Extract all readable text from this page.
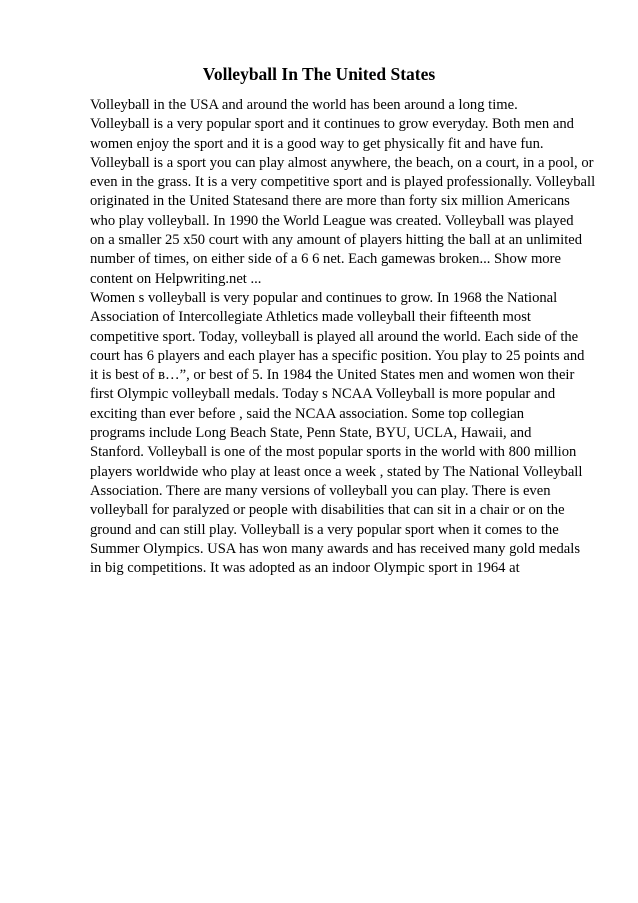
Volleyball In The United States
Volleyball in the USA and around the world has been around a long time.
Volleyball is a very popular sport and it continues to grow everyday. Both men and
women enjoy the sport and it is a good way to get physically fit and have fun.
Volleyball is a sport you can play almost anywhere, the beach, on a court, in a pool, or
even in the grass. It is a very competitive sport and is played professionally. Volleyball
originated in the United Statesand there are more than forty six million Americans
who play volleyball. In 1990 the World League was created. Volleyball was played
on a smaller 25 x50 court with any amount of players hitting the ball at an unlimited
number of times, on either side of a 6 6 net. Each gamewas broken... Show more
content on Helpwriting.net ...
Women s volleyball is very popular and continues to grow. In 1968 the National
Association of Intercollegiate Athletics made volleyball their fifteenth most
competitive sport. Today, volleyball is played all around the world. Each side of the
court has 6 players and each player has a specific position. You play to 25 points and
it is best of в…”, or best of 5. In 1984 the United States men and women won their
first Olympic volleyball medals. Today s NCAA Volleyball is more popular and
exciting than ever before , said the NCAA association. Some top collegian
programs include Long Beach State, Penn State, BYU, UCLA, Hawaii, and
Stanford. Volleyball is one of the most popular sports in the world with 800 million
players worldwide who play at least once a week , stated by The National Volleyball
Association. There are many versions of volleyball you can play. There is even
volleyball for paralyzed or people with disabilities that can sit in a chair or on the
ground and can still play. Volleyball is a very popular sport when it comes to the
Summer Olympics. USA has won many awards and has received many gold medals
in big competitions. It was adopted as an indoor Olympic sport in 1964 at
